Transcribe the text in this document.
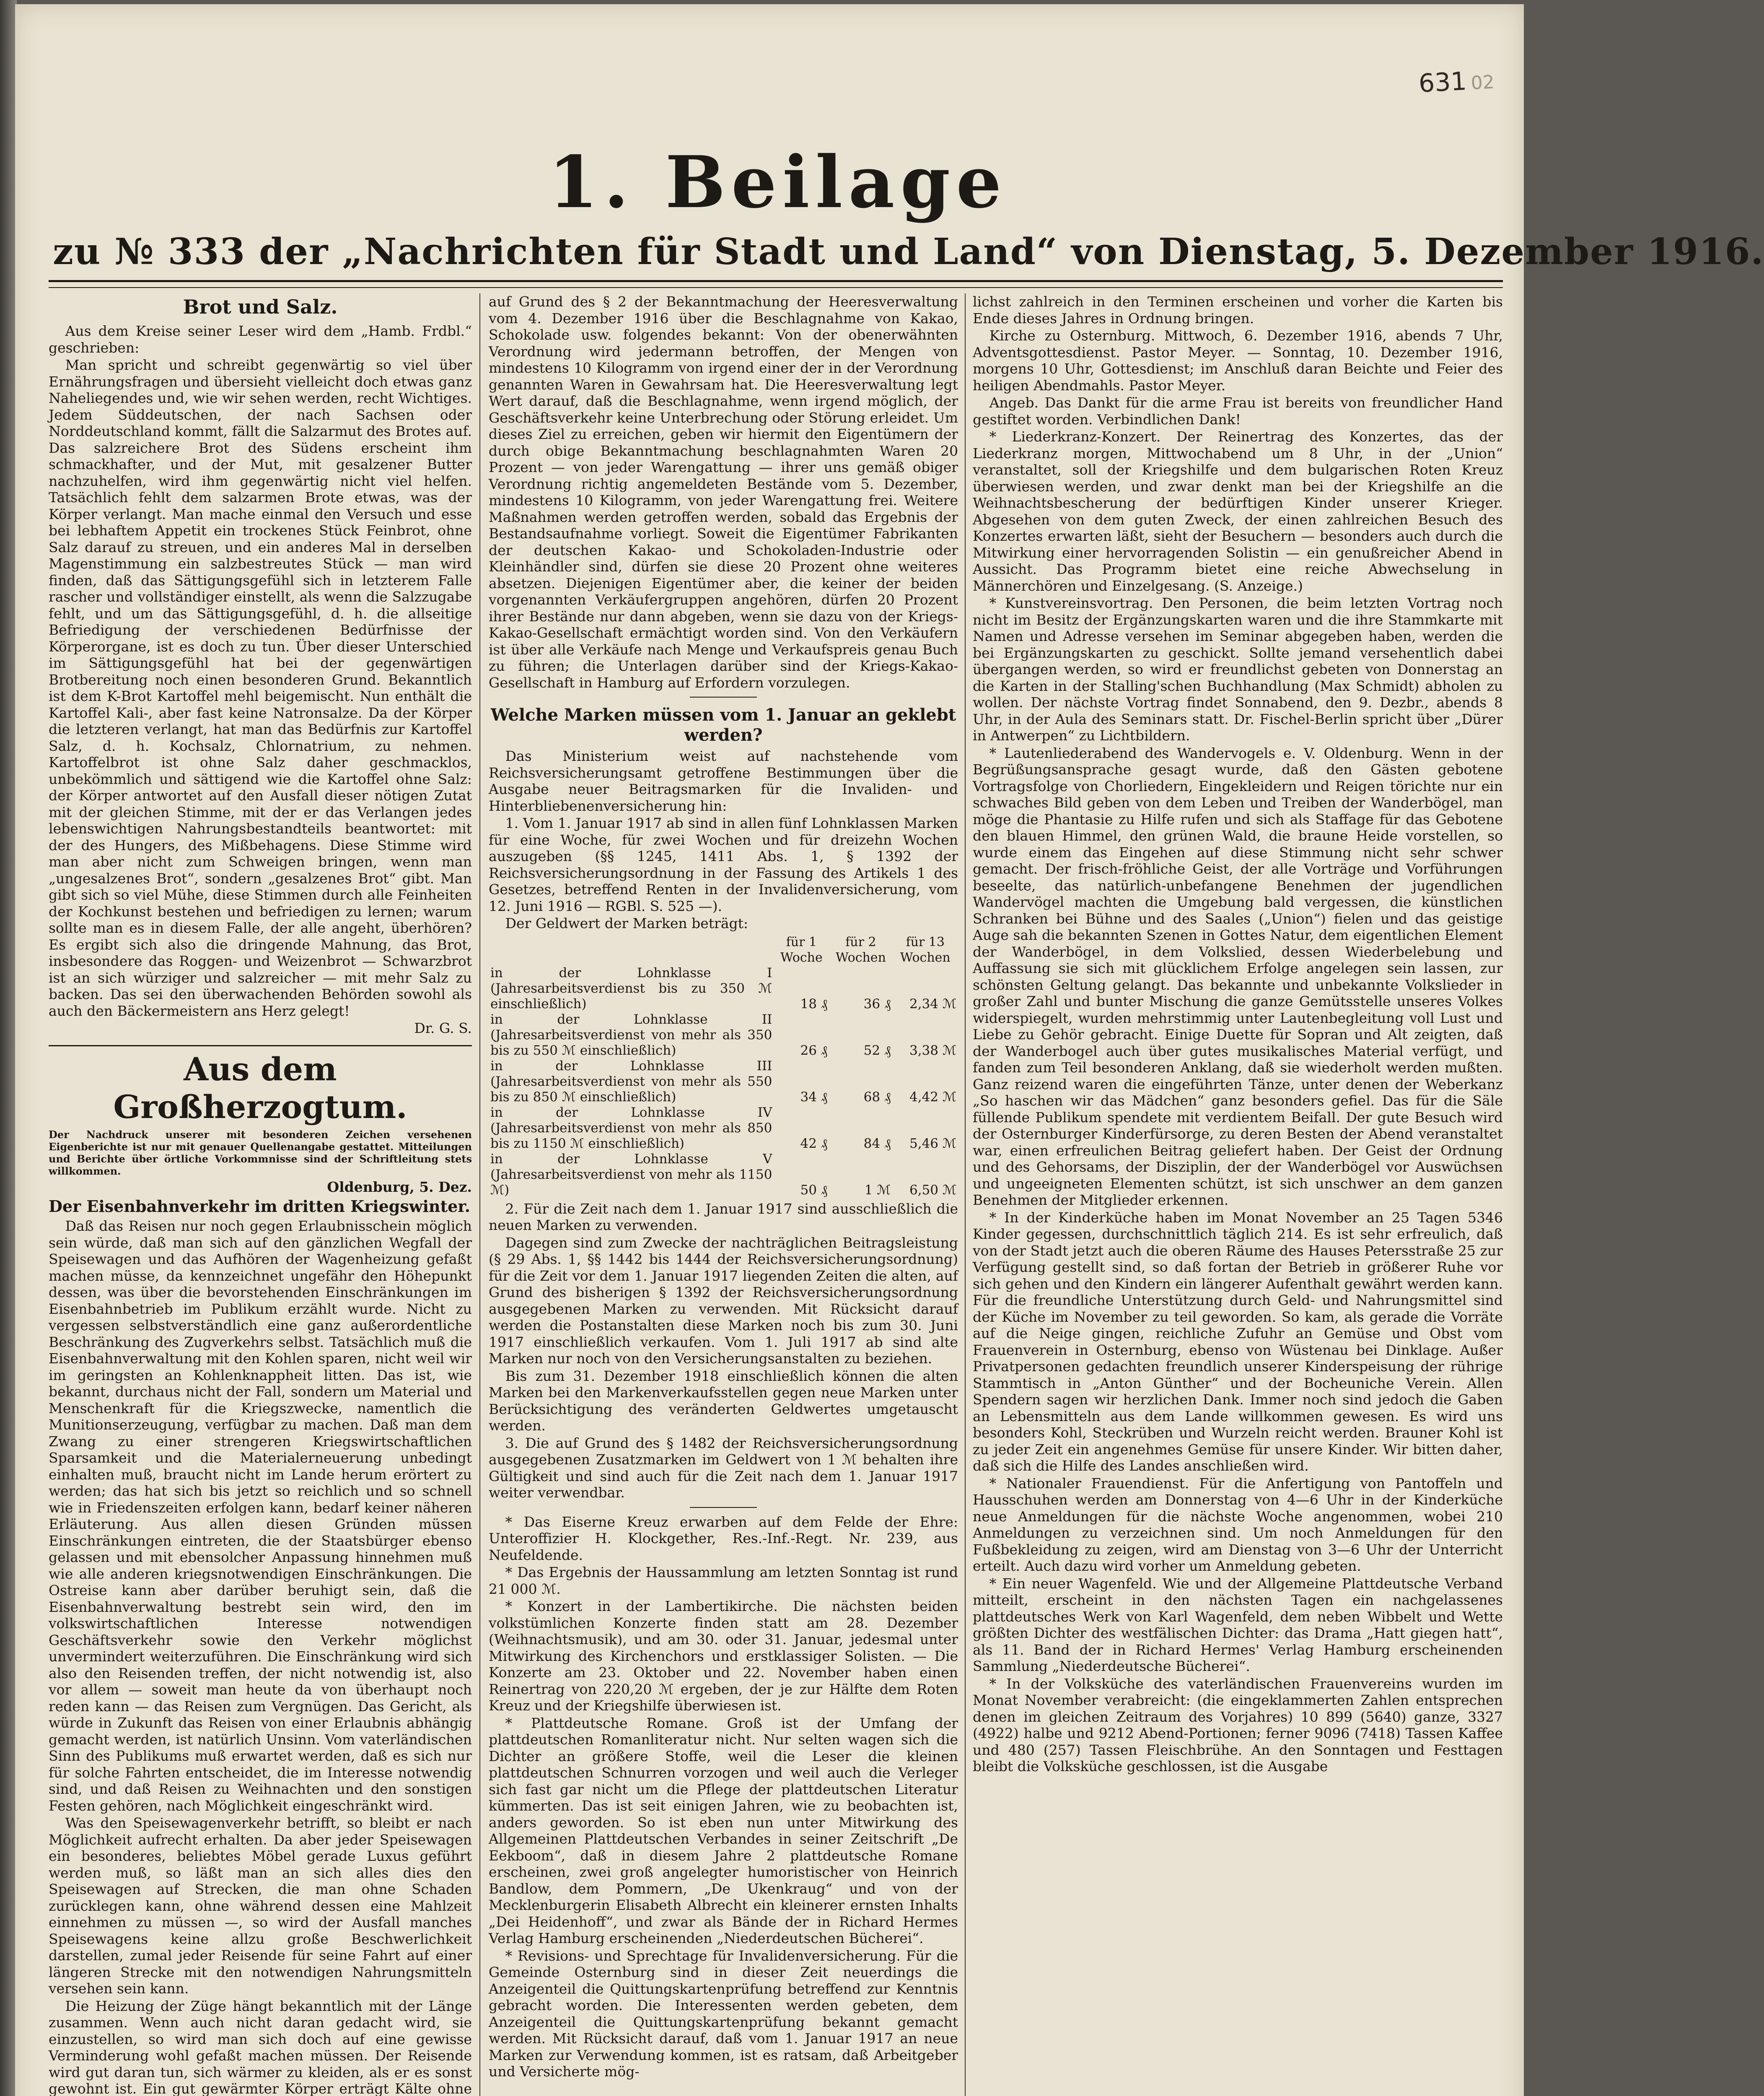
631 02
1. Beilage
zu № 333 der „Nachrichten für Stadt und Land“ von Dienstag, 5. Dezember 1916.
Brot und Salz.

Aus dem Kreise seiner Leser wird dem „Hamb. Frdbl.“ geschrieben:

Man spricht und schreibt gegenwärtig so viel über Ernährungsfragen und übersieht vielleicht doch etwas ganz Naheliegendes und, wie wir sehen werden, recht Wichtiges. Jedem Süddeutschen, der nach Sachsen oder Norddeutschland kommt, fällt die Salzarmut des Brotes auf. Das salzreichere Brot des Südens erscheint ihm schmackhafter, und der Mut, mit gesalzener Butter nachzuhelfen, wird ihm gegenwärtig nicht viel helfen. Tatsächlich fehlt dem salzarmen Brote etwas, was der Körper verlangt. Man mache einmal den Versuch und esse bei lebhaftem Appetit ein trockenes Stück Feinbrot, ohne Salz darauf zu streuen, und ein anderes Mal in derselben Magenstimmung ein salzbestreutes Stück — man wird finden, daß das Sättigungsgefühl sich in letzterem Falle rascher und vollständiger einstellt, als wenn die Salzzugabe fehlt, und um das Sättigungsgefühl, d. h. die allseitige Befriedigung der verschiedenen Bedürfnisse der Körperorgane, ist es doch zu tun. Über dieser Unterschied im Sättigungsgefühl hat bei der gegenwärtigen Brotbereitung noch einen besonderen Grund. Bekanntlich ist dem K-Brot Kartoffel mehl beigemischt. Nun enthält die Kartoffel Kali-, aber fast keine Natronsalze. Da der Körper die letzteren verlangt, hat man das Bedürfnis zur Kartoffel Salz, d. h. Kochsalz, Chlornatrium, zu nehmen. Kartoffelbrot ist ohne Salz daher geschmacklos, unbekömmlich und sättigend wie die Kartoffel ohne Salz: der Körper antwortet auf den Ausfall dieser nötigen Zutat mit der gleichen Stimme, mit der er das Verlangen jedes lebenswichtigen Nahrungsbestandteils beantwortet: mit der des Hungers, des Mißbehagens. Diese Stimme wird man aber nicht zum Schweigen bringen, wenn man „ungesalzenes Brot“, sondern „gesalzenes Brot“ gibt. Man gibt sich so viel Mühe, diese Stimmen durch alle Feinheiten der Kochkunst bestehen und befriedigen zu lernen; warum sollte man es in diesem Falle, der alle angeht, überhören? Es ergibt sich also die dringende Mahnung, das Brot, insbesondere das Roggen- und Weizenbrot — Schwarzbrot ist an sich würziger und salzreicher — mit mehr Salz zu backen. Das sei den überwachenden Behörden sowohl als auch den Bäckermeistern ans Herz gelegt!

Dr. G. S.
Aus dem Großherzogtum.
Der Nachdruck unserer mit besonderen Zeichen versehenen Eigenberichte ist nur mit genauer Quellenangabe gestattet. Mitteilungen und Berichte über örtliche Vorkommnisse sind der Schriftleitung stets willkommen.
Oldenburg, 5. Dez.
Der Eisenbahnverkehr im dritten Kriegswinter.

Daß das Reisen nur noch gegen Erlaubnisschein möglich sein würde, daß man sich auf den gänzlichen Wegfall der Speisewagen und das Aufhören der Wagenheizung gefaßt machen müsse, da kennzeichnet ungefähr den Höhepunkt dessen, was über die bevorstehenden Einschränkungen im Eisenbahnbetrieb im Publikum erzählt wurde. Nicht zu vergessen selbstverständlich eine ganz außerordentliche Beschränkung des Zugverkehrs selbst. Tatsächlich muß die Eisenbahnverwaltung mit den Kohlen sparen, nicht weil wir im geringsten an Kohlenknappheit litten. Das ist, wie bekannt, durchaus nicht der Fall, sondern um Material und Menschenkraft für die Kriegszwecke, namentlich die Munitionserzeugung, verfügbar zu machen. Daß man dem Zwang zu einer strengeren Kriegswirtschaftlichen Sparsamkeit und die Materialerneuerung unbedingt einhalten muß, braucht nicht im Lande herum erörtert zu werden; das hat sich bis jetzt so reichlich und so schnell wie in Friedenszeiten erfolgen kann, bedarf keiner näheren Erläuterung. Aus allen diesen Gründen müssen Einschränkungen eintreten, die der Staatsbürger ebenso gelassen und mit ebensolcher Anpassung hinnehmen muß wie alle anderen kriegsnotwendigen Einschränkungen. Die Ostreise kann aber darüber beruhigt sein, daß die Eisenbahnverwaltung bestrebt sein wird, den im volkswirtschaftlichen Interesse notwendigen Geschäftsverkehr sowie den Verkehr möglichst unvermindert weiterzuführen. Die Einschränkung wird sich also den Reisenden treffen, der nicht notwendig ist, also vor allem — soweit man heute da von überhaupt noch reden kann — das Reisen zum Vergnügen. Das Gericht, als würde in Zukunft das Reisen von einer Erlaubnis abhängig gemacht werden, ist natürlich Unsinn. Vom vaterländischen Sinn des Publikums muß erwartet werden, daß es sich nur für solche Fahrten entscheidet, die im Interesse notwendig sind, und daß Reisen zu Weihnachten und den sonstigen Festen gehören, nach Möglichkeit eingeschränkt wird.

Was den Speisewagenverkehr betrifft, so bleibt er nach Möglichkeit aufrecht erhalten. Da aber jeder Speisewagen ein besonderes, beliebtes Möbel gerade Luxus geführt werden muß, so läßt man an sich alles dies den Speisewagen auf Strecken, die man ohne Schaden zurücklegen kann, ohne während dessen eine Mahlzeit einnehmen zu müssen —, so wird der Ausfall manches Speisewagens keine allzu große Beschwerlichkeit darstellen, zumal jeder Reisende für seine Fahrt auf einer längeren Strecke mit den notwendigen Nahrungsmitteln versehen sein kann.

Die Heizung der Züge hängt bekanntlich mit der Länge zusammen. Wenn auch nicht daran gedacht wird, sie einzustellen, so wird man sich doch auf eine gewisse Verminderung wohl gefaßt machen müssen. Der Reisende wird gut daran tun, sich wärmer zu kleiden, als er es sonst gewohnt ist. Ein gut gewärmter Körper erträgt Kälte ohne

auf Grund des § 2 der Bekanntmachung der Heeresverwaltung vom 4. Dezember 1916 über die Beschlagnahme von Kakao, Schokolade usw. folgendes bekannt: Von der obenerwähnten Verordnung wird jedermann betroffen, der Mengen von mindestens 10 Kilogramm von irgend einer der in der Verordnung genannten Waren in Gewahrsam hat. Die Heeresverwaltung legt Wert darauf, daß die Beschlagnahme, wenn irgend möglich, der Geschäftsverkehr keine Unterbrechung oder Störung erleidet. Um dieses Ziel zu erreichen, geben wir hiermit den Eigentümern der durch obige Bekanntmachung beschlagnahmten Waren 20 Prozent — von jeder Warengattung — ihrer uns gemäß obiger Verordnung richtig angemeldeten Bestände vom 5. Dezember, mindestens 10 Kilogramm, von jeder Warengattung frei. Weitere Maßnahmen werden getroffen werden, sobald das Ergebnis der Bestandsaufnahme vorliegt. Soweit die Eigentümer Fabrikanten der deutschen Kakao- und Schokoladen-Industrie oder Kleinhändler sind, dürfen sie diese 20 Prozent ohne weiteres absetzen. Diejenigen Eigentümer aber, die keiner der beiden vorgenannten Verkäufergruppen angehören, dürfen 20 Prozent ihrer Bestände nur dann abgeben, wenn sie dazu von der Kriegs-Kakao-Gesellschaft ermächtigt worden sind. Von den Verkäufern ist über alle Verkäufe nach Menge und Verkaufspreis genau Buch zu führen; die Unterlagen darüber sind der Kriegs-Kakao-Gesellschaft in Hamburg auf Erfordern vorzulegen.

Welche Marken müssen vom 1. Januar an geklebt werden?

Das Ministerium weist auf nachstehende vom Reichsversicherungsamt getroffene Bestimmungen über die Ausgabe neuer Beitragsmarken für die Invaliden- und Hinterbliebenenversicherung hin:

1. Vom 1. Januar 1917 ab sind in allen fünf Lohnklassen Marken für eine Woche, für zwei Wochen und für dreizehn Wochen auszugeben (§§ 1245, 1411 Abs. 1, § 1392 der Reichsversicherungsordnung in der Fassung des Artikels 1 des Gesetzes, betreffend Renten in der Invalidenversicherung, vom 12. Juni 1916 — RGBl. S. 525 —).

Der Geldwert der Marken beträgt:

	für 1 Woche	für 2 Wochen	für 13 Wochen
in der Lohnklasse I (Jahresarbeitsverdienst bis zu 350 ℳ einschließlich)	18 ₰	36 ₰	2,34 ℳ
in der Lohnklasse II (Jahresarbeitsverdienst von mehr als 350 bis zu 550 ℳ einschließlich)	26 ₰	52 ₰	3,38 ℳ
in der Lohnklasse III (Jahresarbeitsverdienst von mehr als 550 bis zu 850 ℳ einschließlich)	34 ₰	68 ₰	4,42 ℳ
in der Lohnklasse IV (Jahresarbeitsverdienst von mehr als 850 bis zu 1150 ℳ einschließlich)	42 ₰	84 ₰	5,46 ℳ
in der Lohnklasse V (Jahresarbeitsverdienst von mehr als 1150 ℳ)	50 ₰	1 ℳ	6,50 ℳ

2. Für die Zeit nach dem 1. Januar 1917 sind ausschließlich die neuen Marken zu verwenden.

Dagegen sind zum Zwecke der nachträglichen Beitragsleistung (§ 29 Abs. 1, §§ 1442 bis 1444 der Reichsversicherungsordnung) für die Zeit vor dem 1. Januar 1917 liegenden Zeiten die alten, auf Grund des bisherigen § 1392 der Reichsversicherungsordnung ausgegebenen Marken zu verwenden. Mit Rücksicht darauf werden die Postanstalten diese Marken noch bis zum 30. Juni 1917 einschließlich verkaufen. Vom 1. Juli 1917 ab sind alte Marken nur noch von den Versicherungsanstalten zu beziehen.

Bis zum 31. Dezember 1918 einschließlich können die alten Marken bei den Markenverkaufsstellen gegen neue Marken unter Berücksichtigung des veränderten Geldwertes umgetauscht werden.

3. Die auf Grund des § 1482 der Reichsversicherungsordnung ausgegebenen Zusatzmarken im Geldwert von 1 ℳ behalten ihre Gültigkeit und sind auch für die Zeit nach dem 1. Januar 1917 weiter verwendbar.

* Das Eiserne Kreuz erwarben auf dem Felde der Ehre: Unteroffizier H. Klockgether, Res.-Inf.-Regt. Nr. 239, aus Neufeldende.

* Das Ergebnis der Haussammlung am letzten Sonntag ist rund 21 000 ℳ.

* Konzert in der Lambertikirche. Die nächsten beiden volkstümlichen Konzerte finden statt am 28. Dezember (Weihnachtsmusik), und am 30. oder 31. Januar, jedesmal unter Mitwirkung des Kirchenchors und erstklassiger Solisten. — Die Konzerte am 23. Oktober und 22. November haben einen Reinertrag von 220,20 ℳ ergeben, der je zur Hälfte dem Roten Kreuz und der Kriegshilfe überwiesen ist.

* Plattdeutsche Romane. Groß ist der Umfang der plattdeutschen Romanliteratur nicht. Nur selten wagen sich die Dichter an größere Stoffe, weil die Leser die kleinen plattdeutschen Schnurren vorzogen und weil auch die Verleger sich fast gar nicht um die Pflege der plattdeutschen Literatur kümmerten. Das ist seit einigen Jahren, wie zu beobachten ist, anders geworden. So ist eben nun unter Mitwirkung des Allgemeinen Plattdeutschen Verbandes in seiner Zeitschrift „De Eekboom“, daß in diesem Jahre 2 plattdeutsche Romane erscheinen, zwei groß angelegter humoristischer von Heinrich Bandlow, dem Pommern, „De Ukenkraug“ und von der Mecklenburgerin Elisabeth Albrecht ein kleinerer ernsten Inhalts „Dei Heidenhoff“, und zwar als Bände der in Richard Hermes Verlag Hamburg erscheinenden „Niederdeutschen Bücherei“.

* Revisions- und Sprechtage für Invalidenversicherung. Für die Gemeinde Osternburg sind in dieser Zeit neuerdings die Anzeigenteil die Quittungskartenprüfung betreffend zur Kenntnis gebracht worden. Die Interessenten werden gebeten, dem Anzeigenteil die Quittungskartenprüfung bekannt gemacht werden. Mit Rücksicht darauf, daß vom 1. Januar 1917 an neue Marken zur Verwendung kommen, ist es ratsam, daß Arbeitgeber und Versicherte mög-

lichst zahlreich in den Terminen erscheinen und vorher die Karten bis Ende dieses Jahres in Ordnung bringen.

Kirche zu Osternburg. Mittwoch, 6. Dezember 1916, abends 7 Uhr, Adventsgottesdienst. Pastor Meyer. — Sonntag, 10. Dezember 1916, morgens 10 Uhr, Gottesdienst; im Anschluß daran Beichte und Feier des heiligen Abendmahls. Pastor Meyer.

Angeb. Das Dankt für die arme Frau ist bereits von freundlicher Hand gestiftet worden. Verbindlichen Dank!

* Liederkranz-Konzert. Der Reinertrag des Konzertes, das der Liederkranz morgen, Mittwochabend um 8 Uhr, in der „Union“ veranstaltet, soll der Kriegshilfe und dem bulgarischen Roten Kreuz überwiesen werden, und zwar denkt man bei der Kriegshilfe an die Weihnachtsbescherung der bedürftigen Kinder unserer Krieger. Abgesehen von dem guten Zweck, der einen zahlreichen Besuch des Konzertes erwarten läßt, sieht der Besuchern — besonders auch durch die Mitwirkung einer hervorragenden Solistin — ein genußreicher Abend in Aussicht. Das Programm bietet eine reiche Abwechselung in Männerchören und Einzelgesang. (S. Anzeige.)

* Kunstvereinsvortrag. Den Personen, die beim letzten Vortrag noch nicht im Besitz der Ergänzungskarten waren und die ihre Stammkarte mit Namen und Adresse versehen im Seminar abgegeben haben, werden die bei Ergänzungskarten zu geschickt. Sollte jemand versehentlich dabei übergangen werden, so wird er freundlichst gebeten von Donnerstag an die Karten in der Stalling'schen Buchhandlung (Max Schmidt) abholen zu wollen. Der nächste Vortrag findet Sonnabend, den 9. Dezbr., abends 8 Uhr, in der Aula des Seminars statt. Dr. Fischel-Berlin spricht über „Dürer in Antwerpen“ zu Lichtbildern.

* Lautenliederabend des Wandervogels e. V. Oldenburg. Wenn in der Begrüßungsansprache gesagt wurde, daß den Gästen gebotene Vortragsfolge von Chorliedern, Eingekleidern und Reigen törichte nur ein schwaches Bild geben von dem Leben und Treiben der Wanderbögel, man möge die Phantasie zu Hilfe rufen und sich als Staffage für das Gebotene den blauen Himmel, den grünen Wald, die braune Heide vorstellen, so wurde einem das Eingehen auf diese Stimmung nicht sehr schwer gemacht. Der frisch-fröhliche Geist, der alle Vorträge und Vorführungen beseelte, das natürlich-unbefangene Benehmen der jugendlichen Wandervögel machten die Umgebung bald vergessen, die künstlichen Schranken bei Bühne und des Saales („Union“) fielen und das geistige Auge sah die bekannten Szenen in Gottes Natur, dem eigentlichen Element der Wanderbögel, in dem Volkslied, dessen Wiederbelebung und Auffassung sie sich mit glücklichem Erfolge angelegen sein lassen, zur schönsten Geltung gelangt. Das bekannte und unbekannte Volkslieder in großer Zahl und bunter Mischung die ganze Gemütsstelle unseres Volkes widerspiegelt, wurden mehrstimmig unter Lautenbegleitung voll Lust und Liebe zu Gehör gebracht. Einige Duette für Sopran und Alt zeigten, daß der Wanderbogel auch über gutes musikalisches Material verfügt, und fanden zum Teil besonderen Anklang, daß sie wiederholt werden mußten. Ganz reizend waren die eingeführten Tänze, unter denen der Weberkanz „So haschen wir das Mädchen“ ganz besonders gefiel. Das für die Säle füllende Publikum spendete mit verdientem Beifall. Der gute Besuch wird der Osternburger Kinderfürsorge, zu deren Besten der Abend veranstaltet war, einen erfreulichen Beitrag geliefert haben. Der Geist der Ordnung und des Gehorsams, der Disziplin, der der Wanderbögel vor Auswüchsen und ungeeigneten Elementen schützt, ist sich unschwer an dem ganzen Benehmen der Mitglieder erkennen.

* In der Kinderküche haben im Monat November an 25 Tagen 5346 Kinder gegessen, durchschnittlich täglich 214. Es ist sehr erfreulich, daß von der Stadt jetzt auch die oberen Räume des Hauses Petersstraße 25 zur Verfügung gestellt sind, so daß fortan der Betrieb in größerer Ruhe vor sich gehen und den Kindern ein längerer Aufenthalt gewährt werden kann. Für die freundliche Unterstützung durch Geld- und Nahrungsmittel sind der Küche im November zu teil geworden. So kam, als gerade die Vorräte auf die Neige gingen, reichliche Zufuhr an Gemüse und Obst vom Frauenverein in Osternburg, ebenso von Wüstenau bei Dinklage. Außer Privatpersonen gedachten freundlich unserer Kinderspeisung der rührige Stammtisch in „Anton Günther“ und der Bocheuniche Verein. Allen Spendern sagen wir herzlichen Dank. Immer noch sind jedoch die Gaben an Lebensmitteln aus dem Lande willkommen gewesen. Es wird uns besonders Kohl, Steckrüben und Wurzeln reicht werden. Brauner Kohl ist zu jeder Zeit ein angenehmes Gemüse für unsere Kinder. Wir bitten daher, daß sich die Hilfe des Landes anschließen wird.

* Nationaler Frauendienst. Für die Anfertigung von Pantoffeln und Hausschuhen werden am Donnerstag von 4—6 Uhr in der Kinderküche neue Anmeldungen für die nächste Woche angenommen, wobei 210 Anmeldungen zu verzeichnen sind. Um noch Anmeldungen für den Fußbekleidung zu zeigen, wird am Dienstag von 3—6 Uhr der Unterricht erteilt. Auch dazu wird vorher um Anmeldung gebeten.

* Ein neuer Wagenfeld. Wie und der Allgemeine Plattdeutsche Verband mitteilt, erscheint in den nächsten Tagen ein nachgelassenes plattdeutsches Werk von Karl Wagenfeld, dem neben Wibbelt und Wette größten Dichter des westfälischen Dichter: das Drama „Hatt giegen hatt“, als 11. Band der in Richard Hermes' Verlag Hamburg erscheinenden Sammlung „Niederdeutsche Bücherei“.

* In der Volksküche des vaterländischen Frauenvereins wurden im Monat November verabreicht: (die eingeklammerten Zahlen entsprechen denen im gleichen Zeitraum des Vorjahres) 10 899 (5640) ganze, 3327 (4922) halbe und 9212 Abend-Portionen; ferner 9096 (7418) Tassen Kaffee und 480 (257) Tassen Fleischbrühe. An den Sonntagen und Festtagen bleibt die Volksküche geschlossen, ist die Ausgabe
